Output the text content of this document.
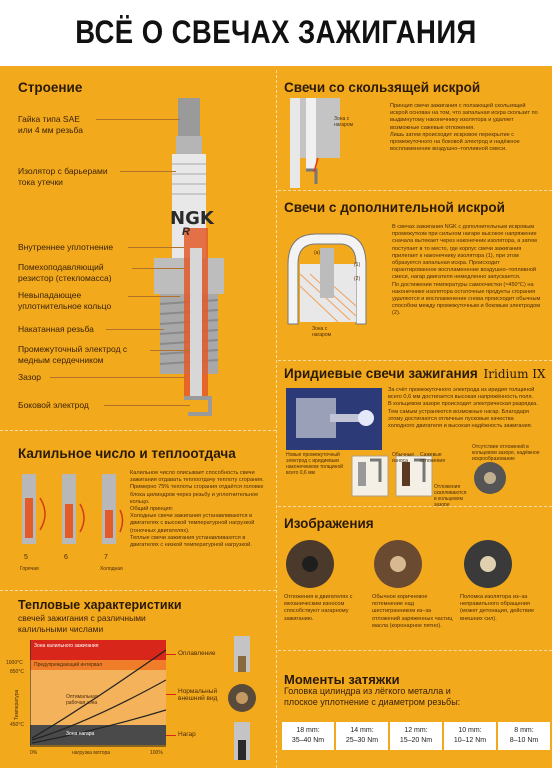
ВСЁ О СВЕЧАХ ЗАЖИГАНИЯ
Строение
NGK
R
Гайка типа SAE
или 4 мм резьба
Изолятор с барьерами
тока утечки
Внутреннее уплотнение
Помехоподавляющий
резистор (стекломасса)
Невыпадающее
уплотнительное кольцо
Накатанная резьба
Промежуточный электрод с
медным сердечником
Зазор
Боковой электрод
Калильное число и теплоотдача
5	6	7
Горячая	Холодная
Калильное число описывает способность свечи зажигания отдавать теплоотдачу теплоту сгорания. Примерно 75% теплоты сгорания отдаётся головке блока цилиндров через резьбу и уплотнительное кольцо.
Общий принцип:
Холодные свечи зажигания устанавливаются в двигателях с высокой температурной нагрузкой (гоночных двигателях).
Теплые свечи зажигания устанавливаются в двигателях с низкой температурной нагрузкой.
Тепловые характеристики
свечей зажигания с различными
калильными числами
Зона калильного зажигания
Предупреждающий интервал
Оптимальная
рабочая зона
Зона нагара
1000°C
850°C
450°C
Температура
0%	нагрузка мотора	100%
Оплавление
Нормальный
внешний вид
Нагар
Свечи со скользящей искрой
Зона с
нагаром
Принцип свечи зажигания с ползающей скользящей искрой основан на том, что запальная искра скользит по выдвинутому наконечнику изолятора и удаляет возможные сажевые отложения.
Лишь затем происходит искровое перекрытие с промежуточного на боковой электрод и надёжное воспламенение воздушно–топливной смеси.
Свечи с дополнительной искрой
(a)
(1)
(2)
Зона с
нагаром
В свечах зажигания NGK с дополнительным искровым промежутком при сильном нагаре высокое напряжение сначала вытекает через наконечник изолятора, а затем поступает в то место, где корпус свечи зажигания прилегает к наконечнику изолятора (1), при этом образуется запальная искра. Происходит гарантированное воспламенение воздушно–топливной смеси, нагар двигателя немедленно запускается.
По достижении температуры самоочистки (≈450°C) на наконечнике изолятора остаточные продукты сгорания удаляются и воспламенение снова происходит обычным способом между промежуточным и боковым электродом (2).
Иридиевые свечи зажигания Iridium IX
За счёт промежуточного электрода из иридия толщиной всего 0,6 мм достигается высокая напряжённость поля. В кольцевом зазоре происходит электрическая разрядка.
Тем самым устраняются возможные нагар. Благодаря этому достигаются отличные пусковые качества холодного двигателя и высокая надёжность зажигания.
Новые промежуточный электрод с иридиевым наконечником толщиной всего 0,6 мм
Обычные
износа
Сажевые
отложения
Отложения
скапливаются
в кольцевом
зазоре
Отсутствие отложений в кольцевом зазоре, надёжное искрообразование
Изображения
Отложения в двигателях с механическим износом способствуют нагарному зажиганию.
Обычное коричневое потемнение над шестигранником из–за отложений заряженных частиц масла (коронарное пятно).
Поломка изолятора из–за неправильного обращения (может детонация, действие внешних сил).
Моменты затяжки
Головка цилиндра из лёгкого металла и
плоское уплотнение с диаметром резьбы:
18 mm:
35–40 Nm
14 mm:
25–30 Nm
12 mm:
15–20 Nm
10 mm:
10–12 Nm
8 mm:
8–10 Nm
